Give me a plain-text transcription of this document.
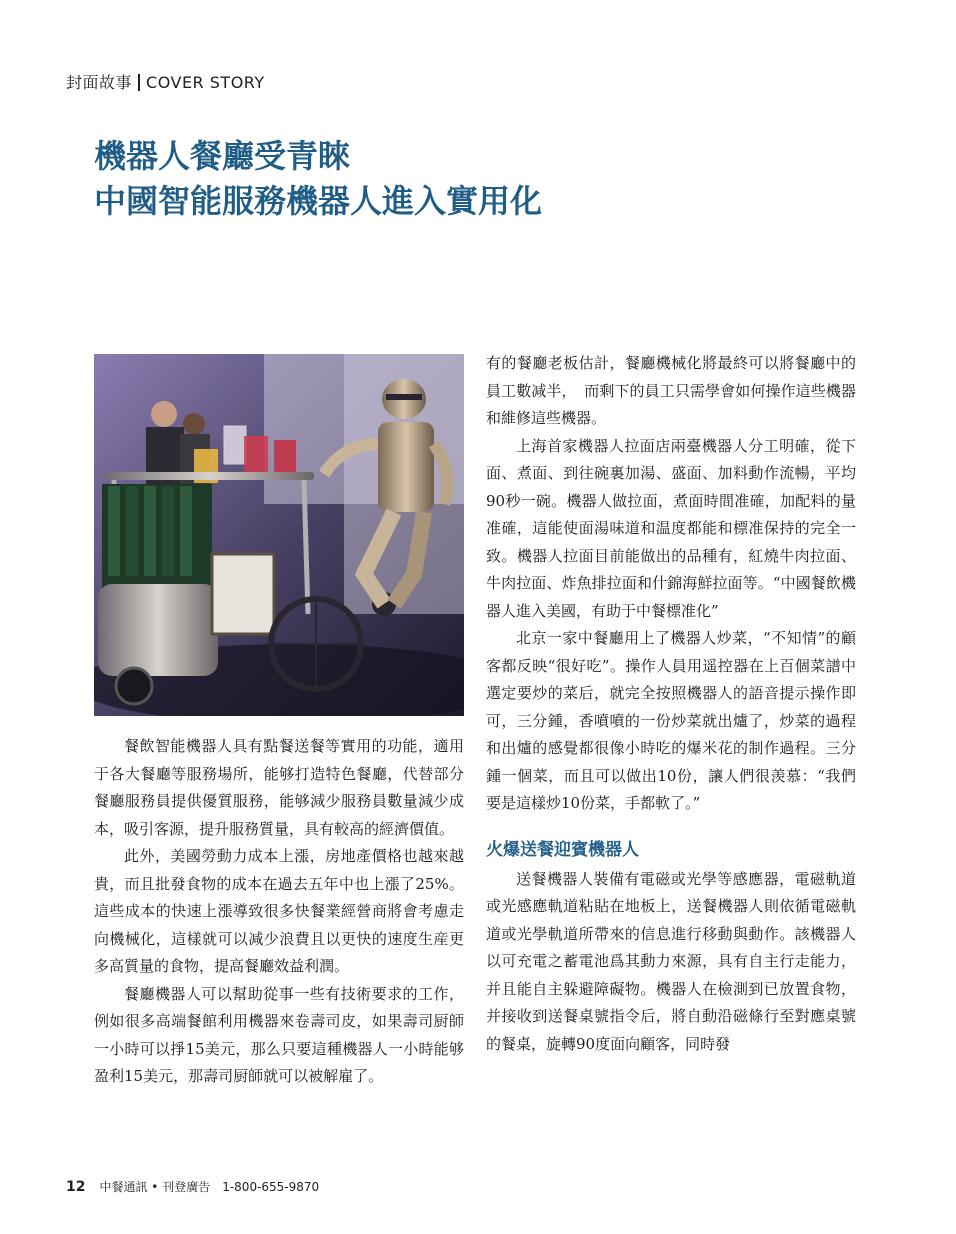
封面故事 COVER STORY
機器人餐廳受青睞
中國智能服務機器人進入實用化

餐飲智能機器人具有點餐送餐等實用的功能，適用于各大餐廳等服務場所，能够打造特色餐廳，代替部分餐廳服務員提供優質服務，能够減少服務員數量減少成本，吸引客源，提升服務質量，具有較高的經濟價值。

此外，美國勞動力成本上漲，房地產價格也越來越貴，而且批發食物的成本在過去五年中也上漲了25%。這些成本的快速上漲導致很多快餐業經營商將會考慮走向機械化，這樣就可以减少浪費且以更快的速度生産更多高質量的食物，提高餐廳效益利潤。

餐廳機器人可以幫助從事一些有技術要求的工作，例如很多高端餐館利用機器來卷壽司皮，如果壽司厨師一小時可以掙15美元，那么只要這種機器人一小時能够盈利15美元，那壽司厨師就可以被解雇了。

有的餐廳老板估計，餐廳機械化將最終可以將餐廳中的員工數减半，　而剩下的員工只需學會如何操作這些機器和維修這些機器。

上海首家機器人拉面店兩臺機器人分工明確，從下面、煮面、到往碗裏加湯、盛面、加料動作流暢，平均90秒一碗。機器人做拉面，煮面時間准確，加配料的量准確，這能使面湯味道和温度都能和標准保持的完全一致。機器人拉面目前能做出的品種有，紅燒牛肉拉面、牛肉拉面、炸魚排拉面和什錦海鮮拉面等。“中國餐飲機器人進入美國，有助于中餐標准化”

北京一家中餐廳用上了機器人炒菜，“不知情”的顧客都反映“很好吃”。操作人員用遥控器在上百個菜譜中選定要炒的菜后，就完全按照機器人的語音提示操作即可，三分鍾，香噴噴的一份炒菜就出爐了，炒菜的過程和出爐的感覺都很像小時吃的爆米花的制作過程。三分鍾一個菜，而且可以做出10份，讓人們很羡慕：“我們要是這樣炒10份菜，手都軟了。”

火爆送餐迎賓機器人

送餐機器人裝備有電磁或光學等感應器，電磁軌道或光感應軌道粘貼在地板上，送餐機器人則依循電磁軌道或光學軌道所帶來的信息進行移動與動作。該機器人以可充電之蓄電池爲其動力來源，具有自主行走能力，并且能自主躲避障礙物。機器人在檢測到已放置食物，并接收到送餐桌號指令后，將自動沿磁條行至對應桌號的餐桌，旋轉90度面向顧客，同時發

12 中餐通訊 • 刊登廣告 1-800-655-9870
